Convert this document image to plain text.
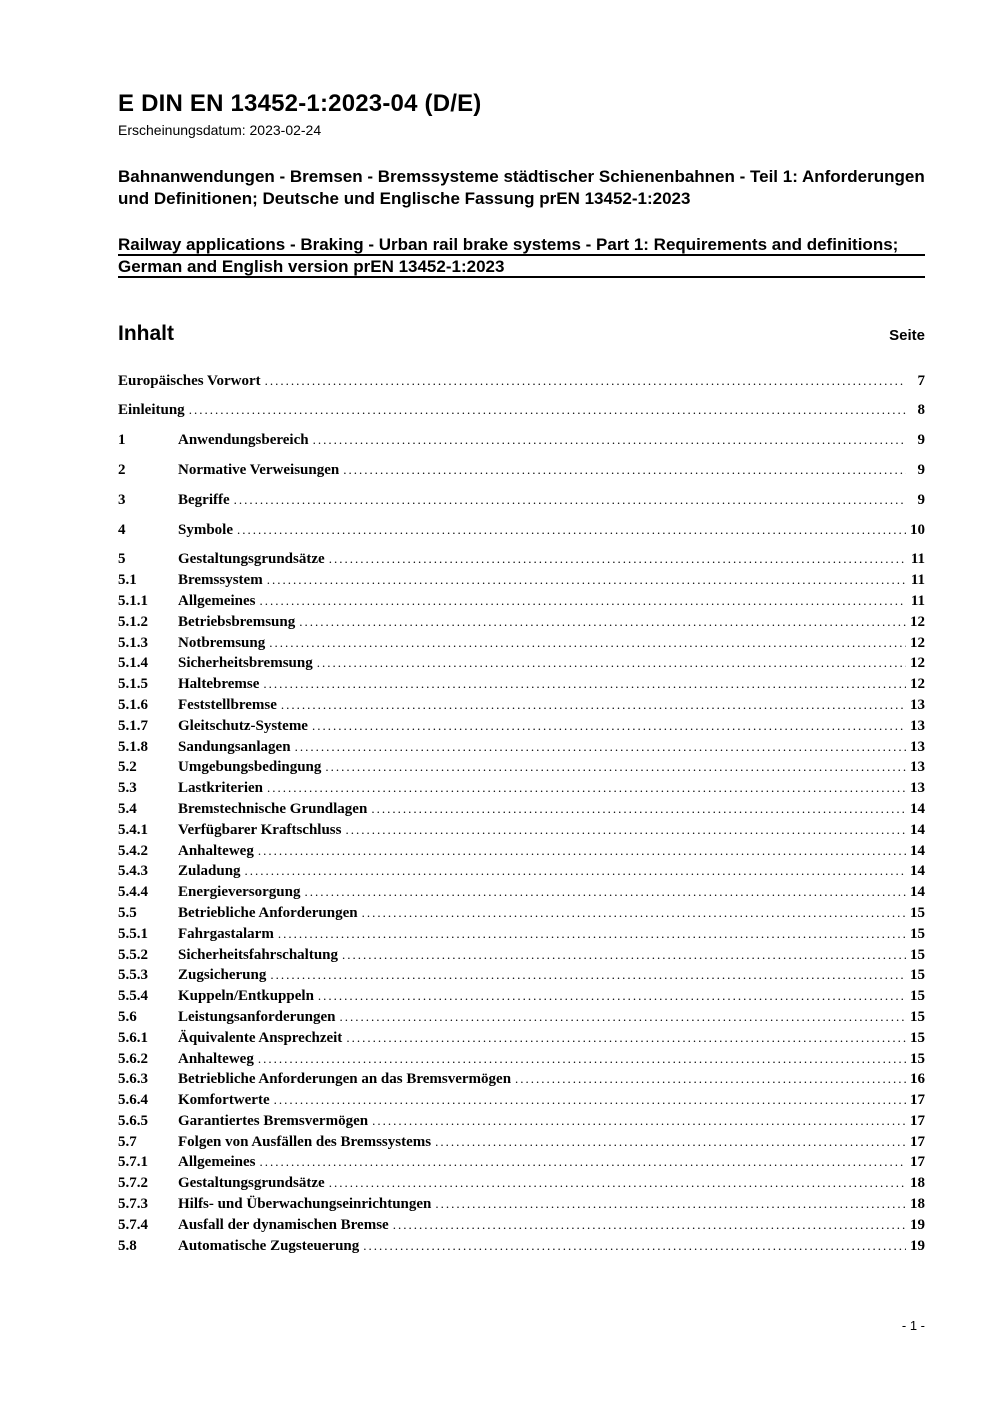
E DIN EN 13452-1:2023-04 (D/E)
Erscheinungsdatum: 2023-02-24

Bahnanwendungen - Bremsen - Bremssysteme städtischer Schienenbahnen - Teil 1: Anforderungen und Definitionen; Deutsche und Englische Fassung prEN 13452-1:2023

Railway applications - Braking - Urban rail brake systems - Part 1: Requirements and definitions; German and English version prEN 13452-1:2023

Inhalt	Seite
Europäisches Vorwort .....	7
Einleitung .....	8
1	Anwendungsbereich .....	9
2	Normative Verweisungen .....	9
3	Begriffe .....	9
4	Symbole .....	10
5	Gestaltungsgrundsätze .....	11
5.1	Bremssystem .....	11
5.1.1	Allgemeines .....	11
5.1.2	Betriebsbremsung .....	12
5.1.3	Notbremsung .....	12
5.1.4	Sicherheitsbremsung .....	12
5.1.5	Haltebremse .....	12
5.1.6	Feststellbremse .....	13
5.1.7	Gleitschutz-Systeme .....	13
5.1.8	Sandungsanlagen .....	13
5.2	Umgebungsbedingung .....	13
5.3	Lastkriterien .....	13
5.4	Bremstechnische Grundlagen .....	14
5.4.1	Verfügbarer Kraftschluss .....	14
5.4.2	Anhalteweg .....	14
5.4.3	Zuladung .....	14
5.4.4	Energieversorgung .....	14
5.5	Betriebliche Anforderungen .....	15
5.5.1	Fahrgastalarm .....	15
5.5.2	Sicherheitsfahrschaltung .....	15
5.5.3	Zugsicherung .....	15
5.5.4	Kuppeln/Entkuppeln .....	15
5.6	Leistungsanforderungen .....	15
5.6.1	Äquivalente Ansprechzeit .....	15
5.6.2	Anhalteweg .....	15
5.6.3	Betriebliche Anforderungen an das Bremsvermögen .....	16
5.6.4	Komfortwerte .....	17
5.6.5	Garantiertes Bremsvermögen .....	17
5.7	Folgen von Ausfällen des Bremssystems .....	17
5.7.1	Allgemeines .....	17
5.7.2	Gestaltungsgrundsätze .....	18
5.7.3	Hilfs- und Überwachungseinrichtungen .....	18
5.7.4	Ausfall der dynamischen Bremse .....	19
5.8	Automatische Zugsteuerung .....	19
- 1 -
